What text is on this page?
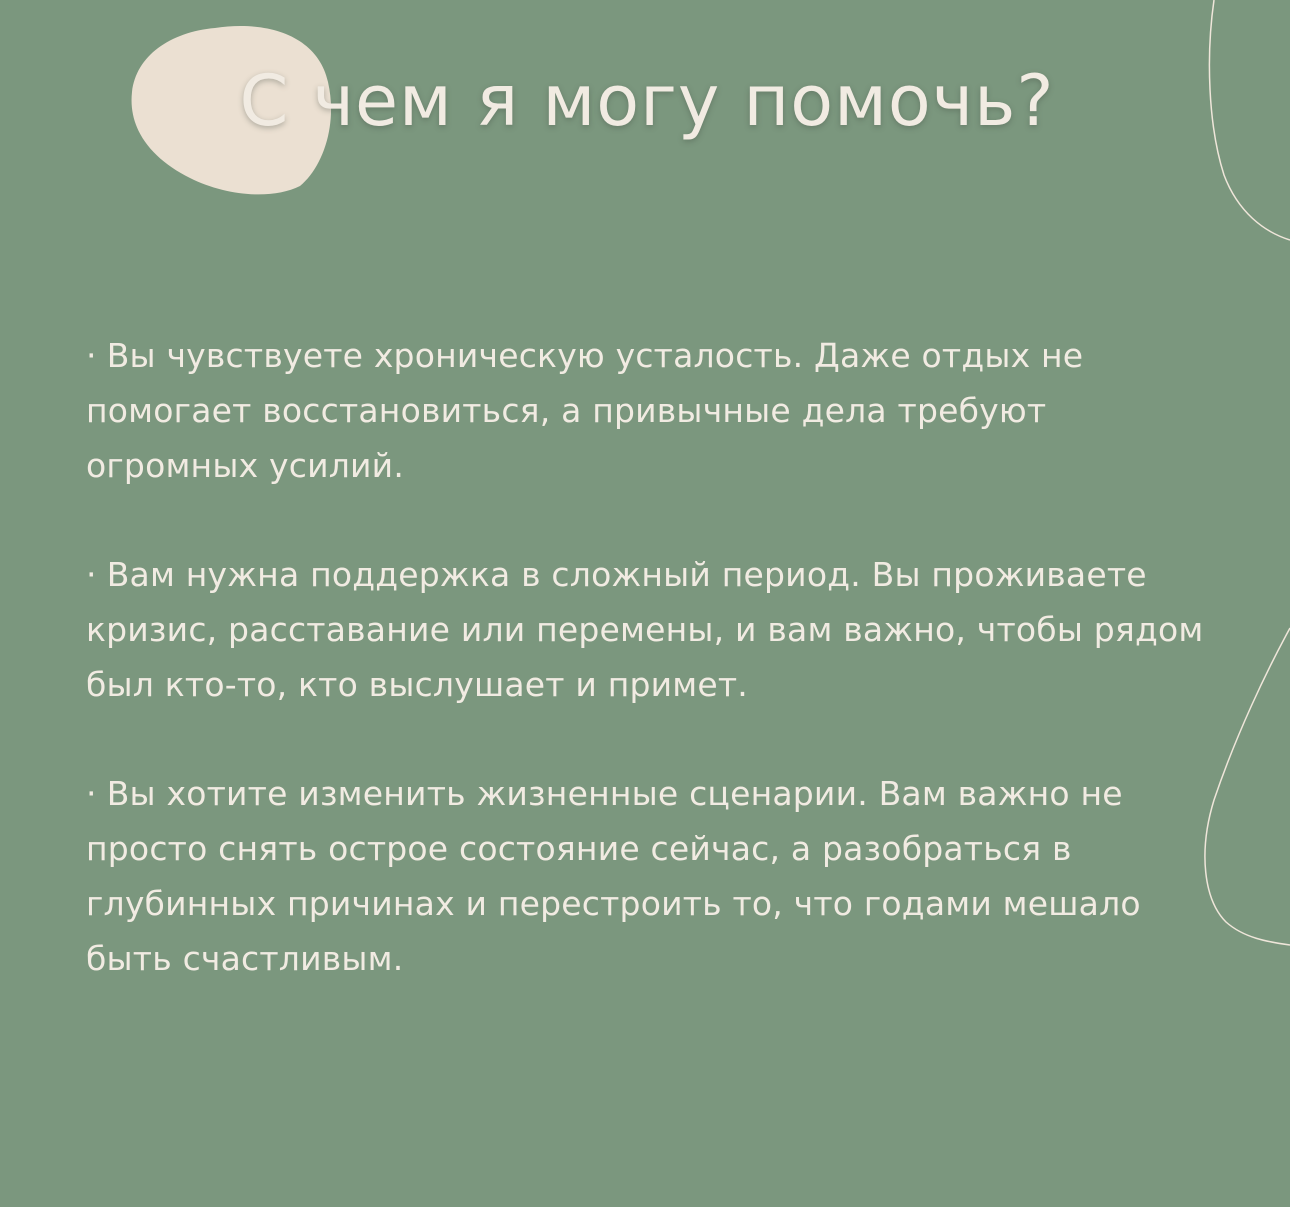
С чем я могу помочь?
· Вы чувствуете хроническую усталость. Даже отдых не помогает восстановиться, а привычные дела требуют огромных усилий.
· Вам нужна поддержка в сложный период. Вы проживаете кризис, расставание или перемены, и вам важно, чтобы рядом был кто-то, кто выслушает и примет.
· Вы хотите изменить жизненные сценарии. Вам важно не просто снять острое состояние сейчас, а разобраться в глубинных причинах и перестроить то, что годами мешало быть счастливым.
